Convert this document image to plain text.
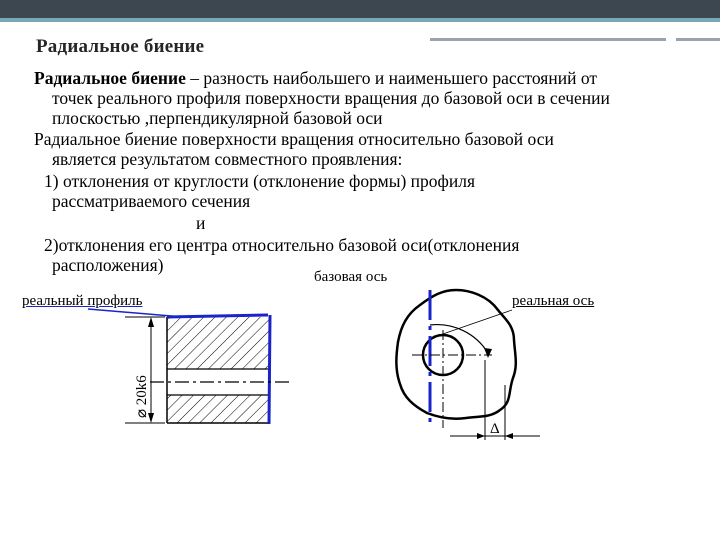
Радиальное биение
Радиальное биение – разность наибольшего и наименьшего расстояний от
точек реального профиля поверхности вращения до базовой оси в сечении
плоскостью ,перпендикулярной базовой оси
Радиальное биение поверхности вращения относительно базовой оси
является результатом совместного проявления:
1) отклонения от круглости (отклонение формы) профиля
рассматриваемого сечения
и
2)отклонения его центра относительно базовой оси(отклонения
расположения)
⌀ 20k6
Δ
базовая ось
реальный профиль	реальная ось
